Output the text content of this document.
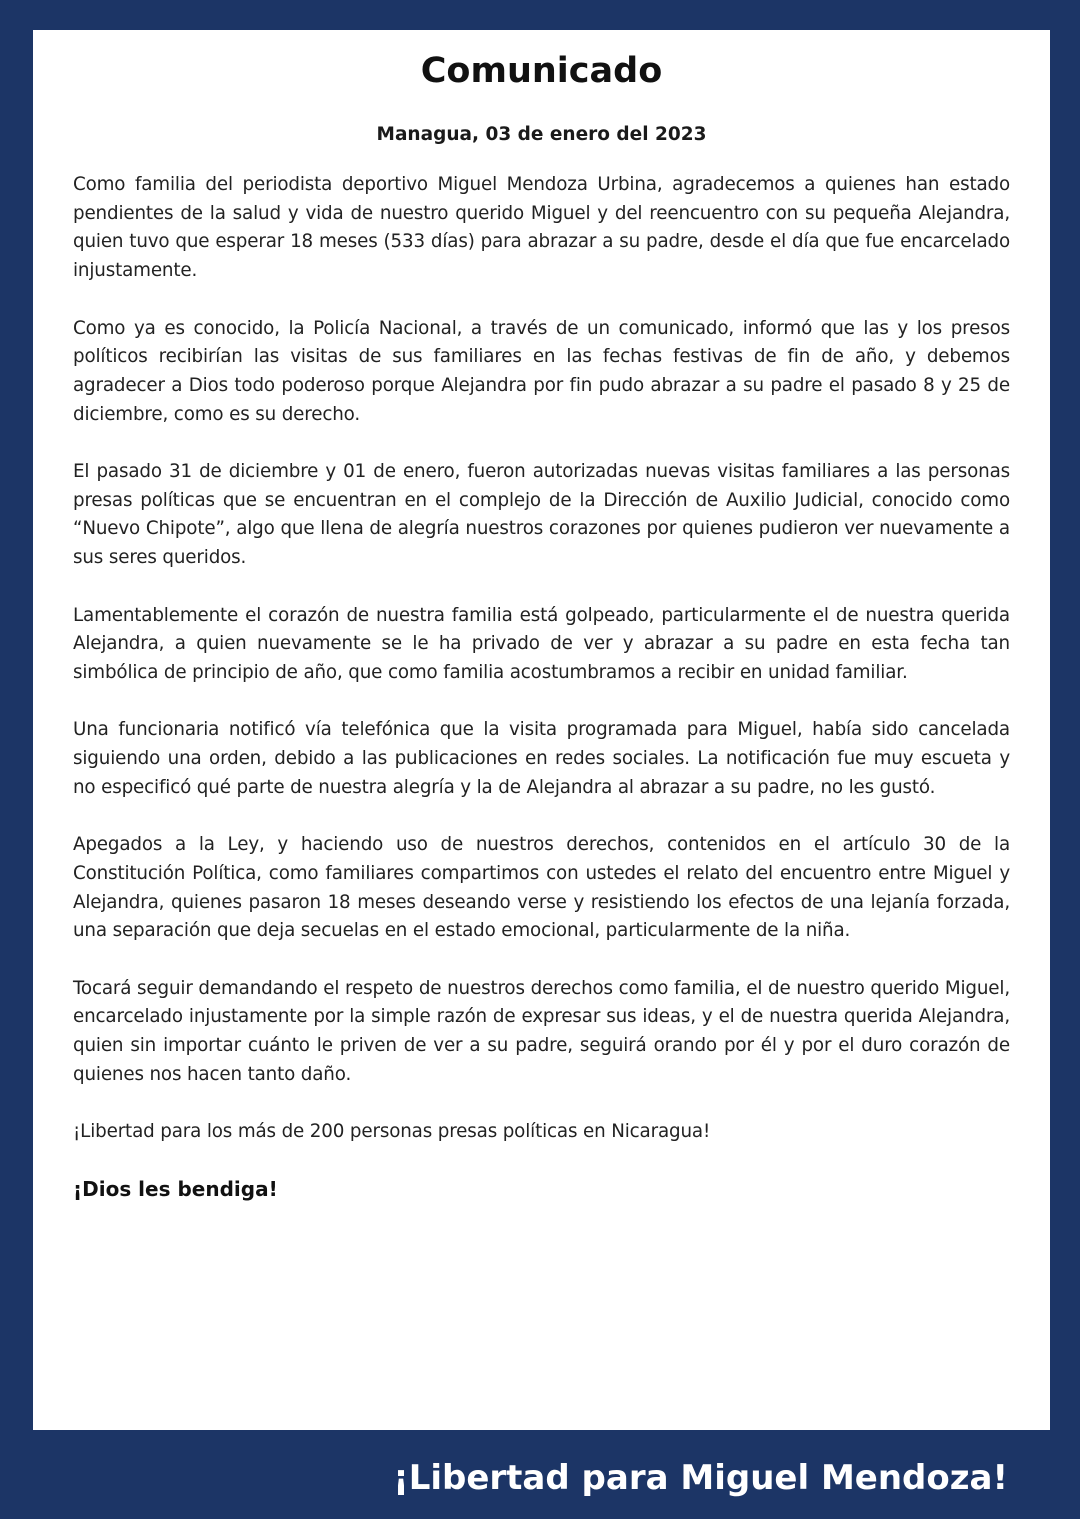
Comunicado
Managua, 03 de enero del 2023

Como familia del periodista deportivo Miguel Mendoza Urbina, agradecemos a quienes han estado pendientes de la salud y vida de nuestro querido Miguel y del reencuentro con su pequeña Alejandra, quien tuvo que esperar 18 meses (533 días) para abrazar a su padre, desde el día que fue encarcelado injustamente.

Como ya es conocido, la Policía Nacional, a través de un comunicado, informó que las y los presos políticos recibirían las visitas de sus familiares en las fechas festivas de fin de año, y debemos agradecer a Dios todo poderoso porque Alejandra por fin pudo abrazar a su padre el pasado 8 y 25 de diciembre, como es su derecho.

El pasado 31 de diciembre y 01 de enero, fueron autorizadas nuevas visitas familiares a las personas presas políticas que se encuentran en el complejo de la Dirección de Auxilio Judicial, conocido como “Nuevo Chipote”, algo que llena de alegría nuestros corazones por quienes pudieron ver nuevamente a sus seres queridos.

Lamentablemente el corazón de nuestra familia está golpeado, particularmente el de nuestra querida Alejandra, a quien nuevamente se le ha privado de ver y abrazar a su padre en esta fecha tan simbólica de principio de año, que como familia acostumbramos a recibir en unidad familiar.

Una funcionaria notificó vía telefónica que la visita programada para Miguel, había sido cancelada siguiendo una orden, debido a las publicaciones en redes sociales. La notificación fue muy escueta y no especificó qué parte de nuestra alegría y la de Alejandra al abrazar a su padre, no les gustó.

Apegados a la Ley, y haciendo uso de nuestros derechos, contenidos en el artículo 30 de la Constitución Política, como familiares compartimos con ustedes el relato del encuentro entre Miguel y Alejandra, quienes pasaron 18 meses deseando verse y resistiendo los efectos de una lejanía forzada, una separación que deja secuelas en el estado emocional, particularmente de la niña.

Tocará seguir demandando el respeto de nuestros derechos como familia, el de nuestro querido Miguel, encarcelado injustamente por la simple razón de expresar sus ideas, y el de nuestra querida Alejandra, quien sin importar cuánto le priven de ver a su padre, seguirá orando por él y por el duro corazón de quienes nos hacen tanto daño.

¡Libertad para los más de 200 personas presas políticas en Nicaragua!

¡Dios les bendiga!
¡Libertad para Miguel Mendoza!
